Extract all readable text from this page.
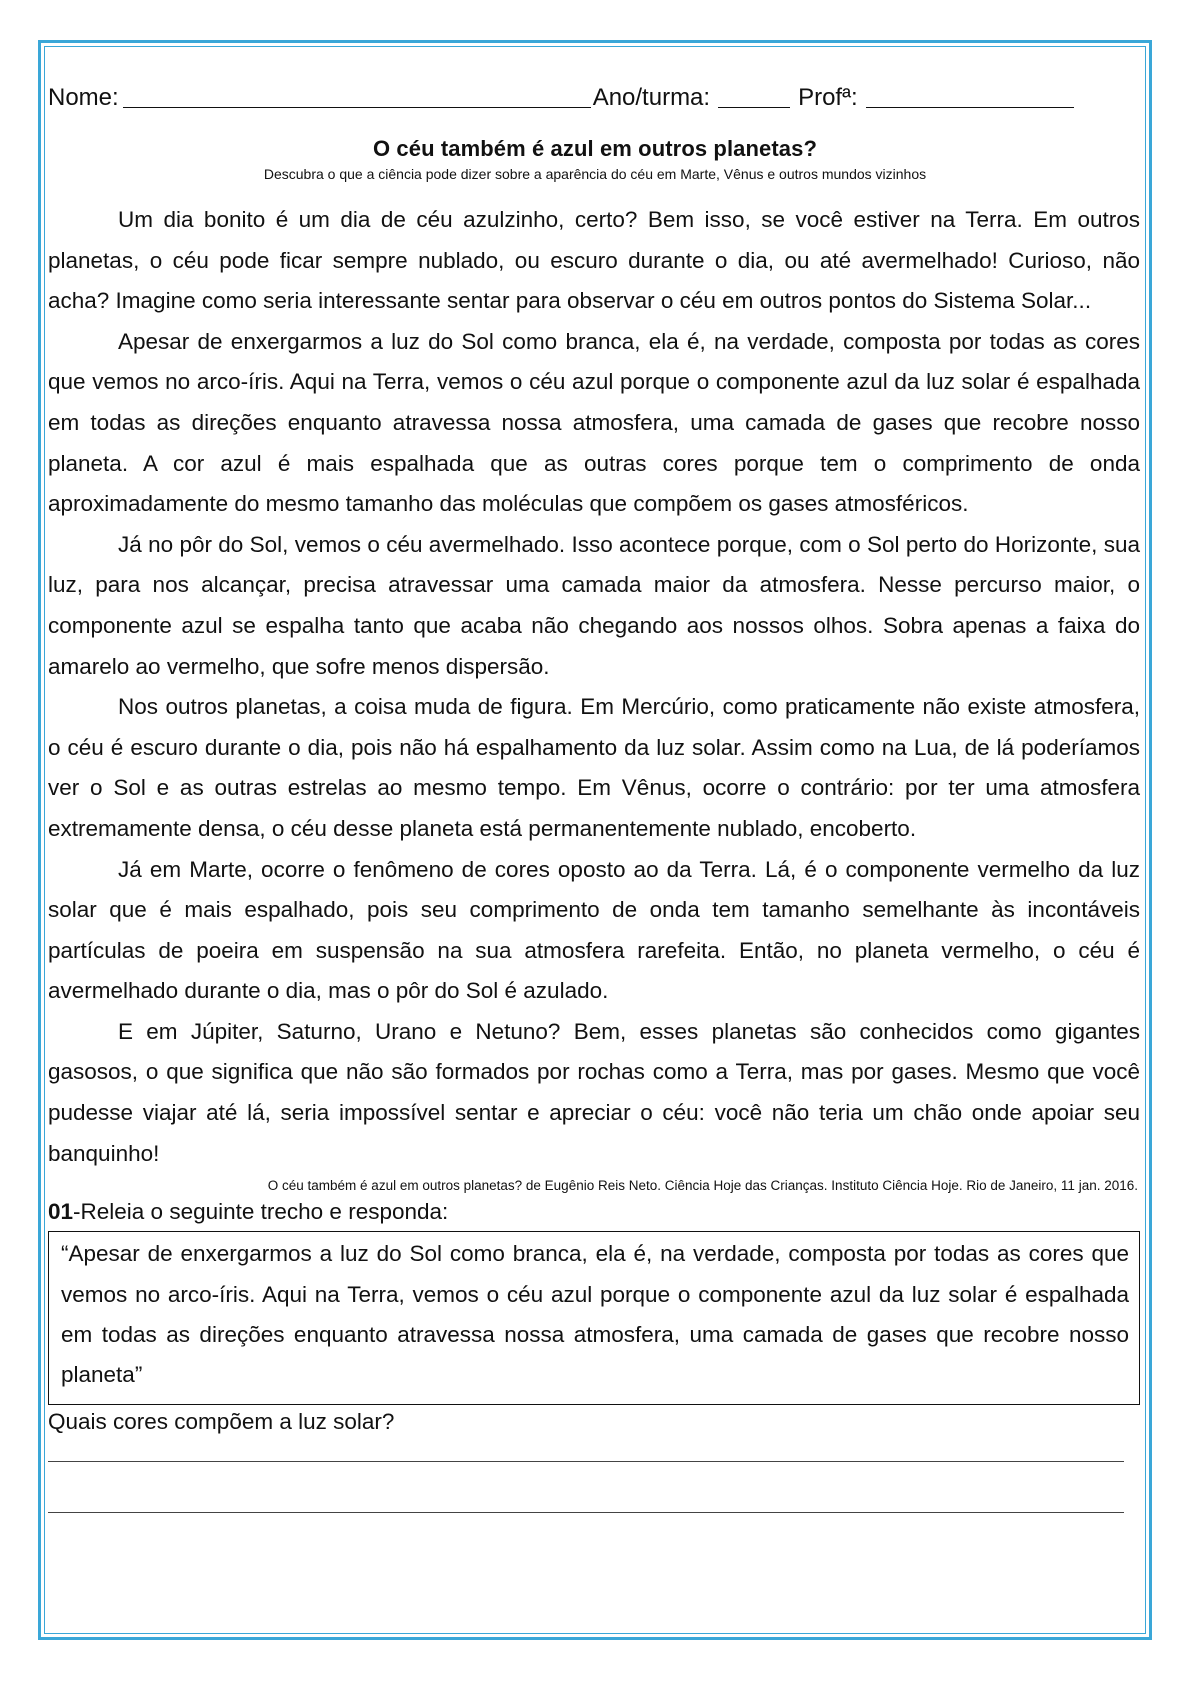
Nome:	Ano/turma:	Profª:
O céu também é azul em outros planetas?
Descubra o que a ciência pode dizer sobre a aparência do céu em Marte, Vênus e outros mundos vizinhos

Um dia bonito é um dia de céu azulzinho, certo? Bem isso, se você estiver na Terra. Em outros planetas, o céu pode ficar sempre nublado, ou escuro durante o dia, ou até avermelhado! Curioso, não acha? Imagine como seria interessante sentar para observar o céu em outros pontos do Sistema Solar...

Apesar de enxergarmos a luz do Sol como branca, ela é, na verdade, composta por todas as cores que vemos no arco-íris. Aqui na Terra, vemos o céu azul porque o componente azul da luz solar é espalhada em todas as direções enquanto atravessa nossa atmosfera, uma camada de gases que recobre nosso planeta. A cor azul é mais espalhada que as outras cores porque tem o comprimento de onda aproximadamente do mesmo tamanho das moléculas que compõem os gases atmosféricos.

Já no pôr do Sol, vemos o céu avermelhado. Isso acontece porque, com o Sol perto do Horizonte, sua luz, para nos alcançar, precisa atravessar uma camada maior da atmosfera. Nesse percurso maior, o componente azul se espalha tanto que acaba não chegando aos nossos olhos. Sobra apenas a faixa do amarelo ao vermelho, que sofre menos dispersão.

Nos outros planetas, a coisa muda de figura. Em Mercúrio, como praticamente não existe atmosfera, o céu é escuro durante o dia, pois não há espalhamento da luz solar. Assim como na Lua, de lá poderíamos ver o Sol e as outras estrelas ao mesmo tempo. Em Vênus, ocorre o contrário: por ter uma atmosfera extremamente densa, o céu desse planeta está permanentemente nublado, encoberto.

Já em Marte, ocorre o fenômeno de cores oposto ao da Terra. Lá, é o componente vermelho da luz solar que é mais espalhado, pois seu comprimento de onda tem tamanho semelhante às incontáveis partículas de poeira em suspensão na sua atmosfera rarefeita. Então, no planeta vermelho, o céu é avermelhado durante o dia, mas o pôr do Sol é azulado.

E em Júpiter, Saturno, Urano e Netuno? Bem, esses planetas são conhecidos como gigantes gasosos, o que significa que não são formados por rochas como a Terra, mas por gases. Mesmo que você pudesse viajar até lá, seria impossível sentar e apreciar o céu: você não teria um chão onde apoiar seu banquinho!

O céu também é azul em outros planetas? de Eugênio Reis Neto. Ciência Hoje das Crianças. Instituto Ciência Hoje. Rio de Janeiro, 11 jan. 2016.
01-Releia o seguinte trecho e responda:
“Apesar de enxergarmos a luz do Sol como branca, ela é, na verdade, composta por todas as cores que vemos no arco-íris. Aqui na Terra, vemos o céu azul porque o componente azul da luz solar é espalhada em todas as direções enquanto atravessa nossa atmosfera, uma camada de gases que recobre nosso planeta”
Quais cores compõem a luz solar?
